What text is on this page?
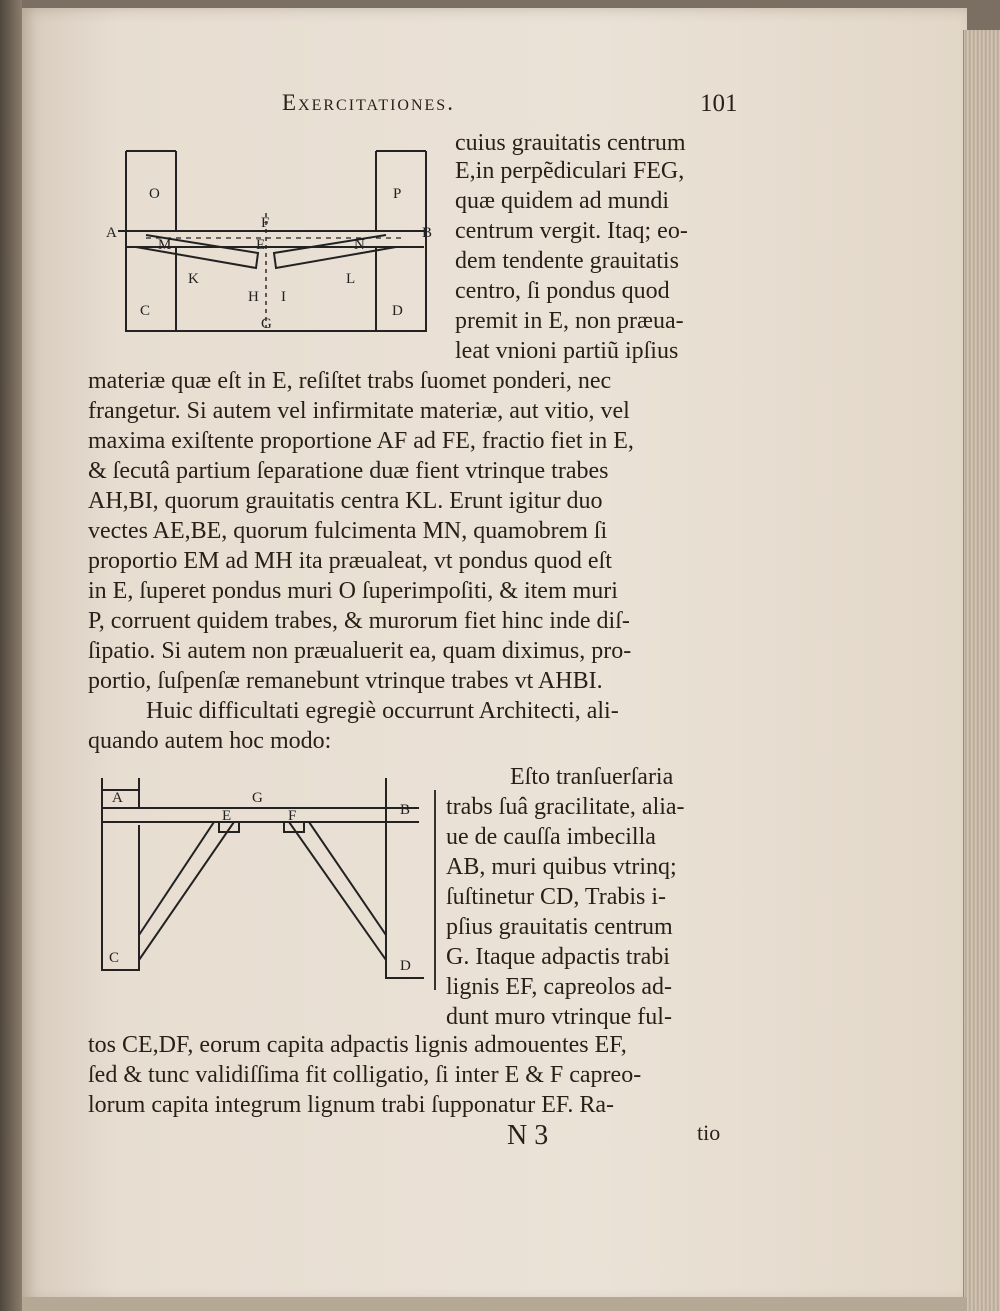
Exercitationes.	101
O	P
A	B
F
M	E	N
K	L
H I
C
G
D
cuius grauitatis centrum
E,in perpẽdiculari FEG,
quæ quidem ad mundi
centrum vergit. Itaq; eo-
dem tendente grauitatis
centro, ſi pondus quod
premit in E, non præua-
leat vnioni partiũ ipſius
materiæ quæ eſt in E, reſiſtet trabs ſuomet ponderi, nec
frangetur. Si autem vel infirmitate materiæ, aut vitio, vel
maxima exiſtente proportione AF ad FE, fractio fiet in E,
& ſecutâ partium ſeparatione duæ fient vtrinque trabes
AH,BI, quorum grauitatis centra KL. Erunt igitur duo
vectes AE,BE, quorum fulcimenta MN, quamobrem ſi
proportio EM ad MH ita præualeat, vt pondus quod eſt
in E, ſuperet pondus muri O ſuperimpoſiti, & item muri
P, corruent quidem trabes, & murorum fiet hinc inde diſ-
ſipatio. Si autem non præualuerit ea, quam diximus, pro-
portio, ſuſpenſæ remanebunt vtrinque trabes vt AHBI.
Huic difficultati egregiè occurrunt Architecti, ali-
quando autem hoc modo:
A	G
B
E	F
C	D
Eſto tranſuerſaria
trabs ſuâ gracilitate, alia-
ue de cauſſa imbecilla
AB, muri quibus vtrinq;
ſuſtinetur CD, Trabis i-
pſius grauitatis centrum
G. Itaque adpactis trabi
lignis EF, capreolos ad-
dunt muro vtrinque ful-
tos CE,DF, eorum capita adpactis lignis admouentes EF,
ſed & tunc validiſſima fit colligatio, ſi inter E & F capreo-
lorum capita integrum lignum trabi ſupponatur EF. Ra-
N 3	tio
